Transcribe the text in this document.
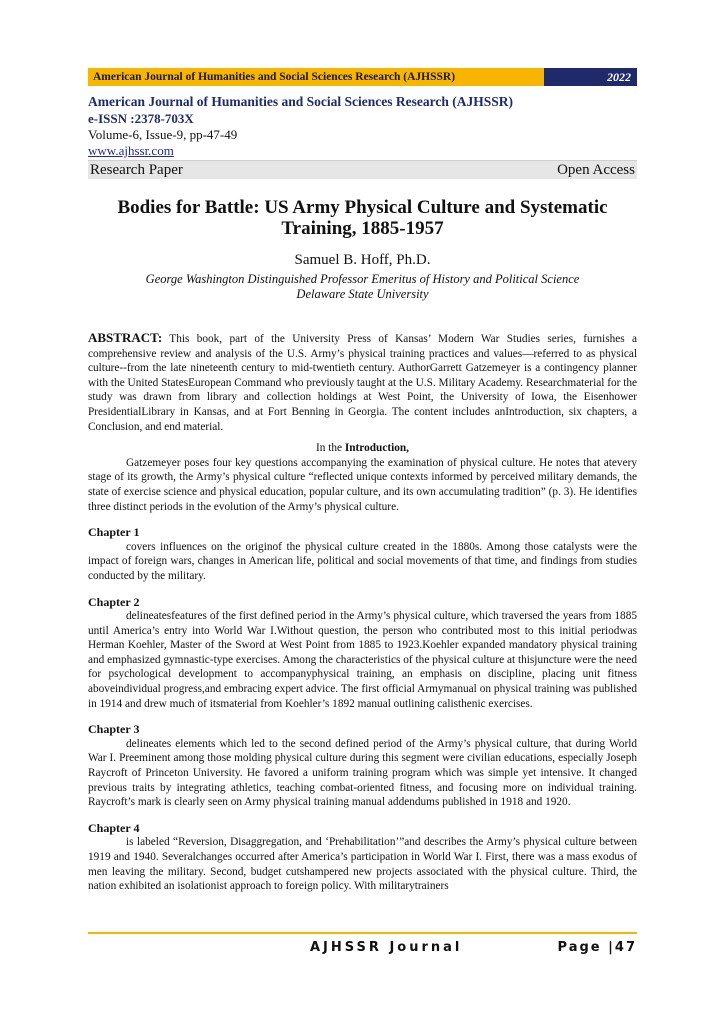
American Journal of Humanities and Social Sciences Research (AJHSSR)	2022
American Journal of Humanities and Social Sciences Research (AJHSSR)
e-ISSN :2378-703X
Volume-6, Issue-9, pp-47-49
www.ajhssr.com
Research Paper	Open Access
Bodies for Battle: US Army Physical Culture and Systematic Training, 1885-1957
Samuel B. Hoff, Ph.D.
George Washington Distinguished Professor Emeritus of History and Political Science
Delaware State University

ABSTRACT: This book, part of the University Press of Kansas’ Modern War Studies series, furnishes a comprehensive review and analysis of the U.S. Army’s physical training practices and values—referred to as physical culture--from the late nineteenth century to mid-twentieth century. AuthorGarrett Gatzemeyer is a contingency planner with the United StatesEuropean Command who previously taught at the U.S. Military Academy. Researchmaterial for the study was drawn from library and collection holdings at West Point, the University of Iowa, the Eisenhower PresidentialLibrary in Kansas, and at Fort Benning in Georgia. The content includes anIntroduction, six chapters, a Conclusion, and end material.

In the Introduction,

Gatzemeyer poses four key questions accompanying the examination of physical culture. He notes that atevery stage of its growth, the Army’s physical culture “reflected unique contexts informed by perceived military demands, the state of exercise science and physical education, popular culture, and its own accumulating tradition” (p. 3). He identifies three distinct periods in the evolution of the Army’s physical culture.

Chapter 1

covers influences on the originof the physical culture created in the 1880s. Among those catalysts were the impact of foreign wars, changes in American life, political and social movements of that time, and findings from studies conducted by the military.

Chapter 2

delineatesfeatures of the first defined period in the Army’s physical culture, which traversed the years from 1885 until America’s entry into World War I.Without question, the person who contributed most to this initial periodwas Herman Koehler, Master of the Sword at West Point from 1885 to 1923.Koehler expanded mandatory physical training and emphasized gymnastic-type exercises. Among the characteristics of the physical culture at thisjuncture were the need for psychological development to accompanyphysical training, an emphasis on discipline, placing unit fitness aboveindividual progress,and embracing expert advice. The first official Armymanual on physical training was published in 1914 and drew much of itsmaterial from Koehler’s 1892 manual outlining calisthenic exercises.

Chapter 3

delineates elements which led to the second defined period of the Army’s physical culture, that during World War I. Preeminent among those molding physical culture during this segment were civilian educations, especially Joseph Raycroft of Princeton University. He favored a uniform training program which was simple yet intensive. It changed previous traits by integrating athletics, teaching combat-oriented fitness, and focusing more on individual training. Raycroft’s mark is clearly seen on Army physical training manual addendums published in 1918 and 1920.

Chapter 4

is labeled “Reversion, Disaggregation, and ‘Prehabilitation’”and describes the Army’s physical culture between 1919 and 1940. Severalchanges occurred after America’s participation in World War I. First, there was a mass exodus of men leaving the military. Second, budget cutshampered new projects associated with the physical culture. Third, the nation exhibited an isolationist approach to foreign policy. With militarytrainers

AJHSSR Journal	Page |47
